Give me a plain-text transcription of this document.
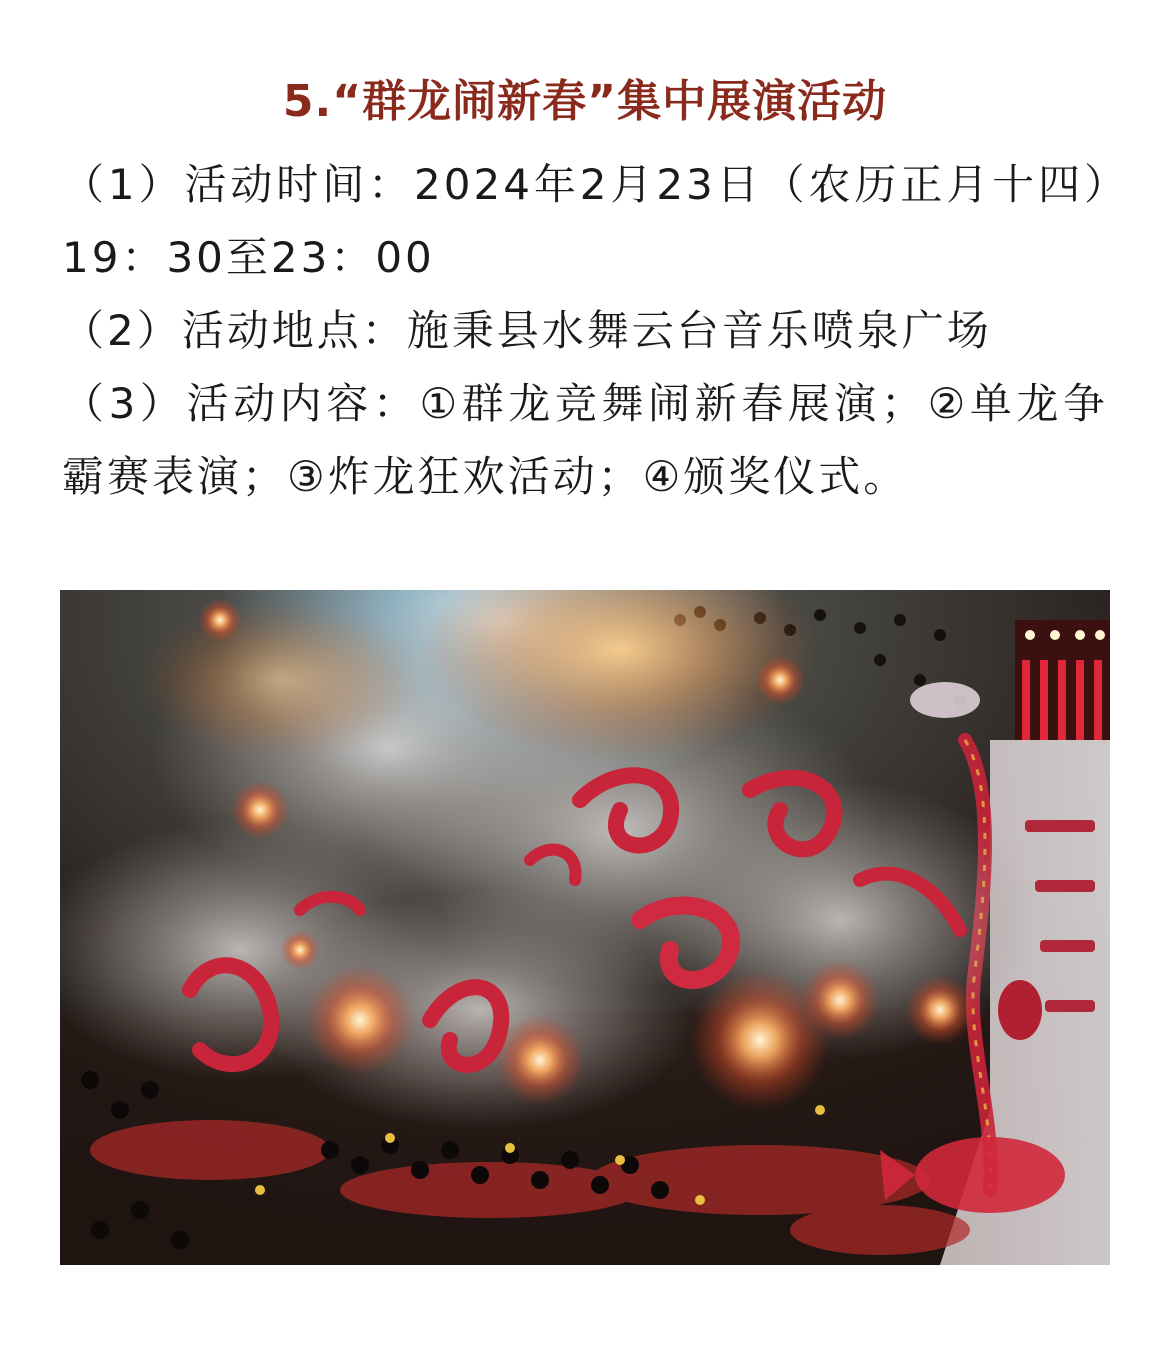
5.“群龙闹新春”集中展演活动
（1）活动时间：2024年2月23日（农历正月十四）19：30至23：00
（2）活动地点：施秉县水舞云台音乐喷泉广场
（3）活动内容：①群龙竞舞闹新春展演；②单龙争霸赛表演；③炸龙狂欢活动；④颁奖仪式。
